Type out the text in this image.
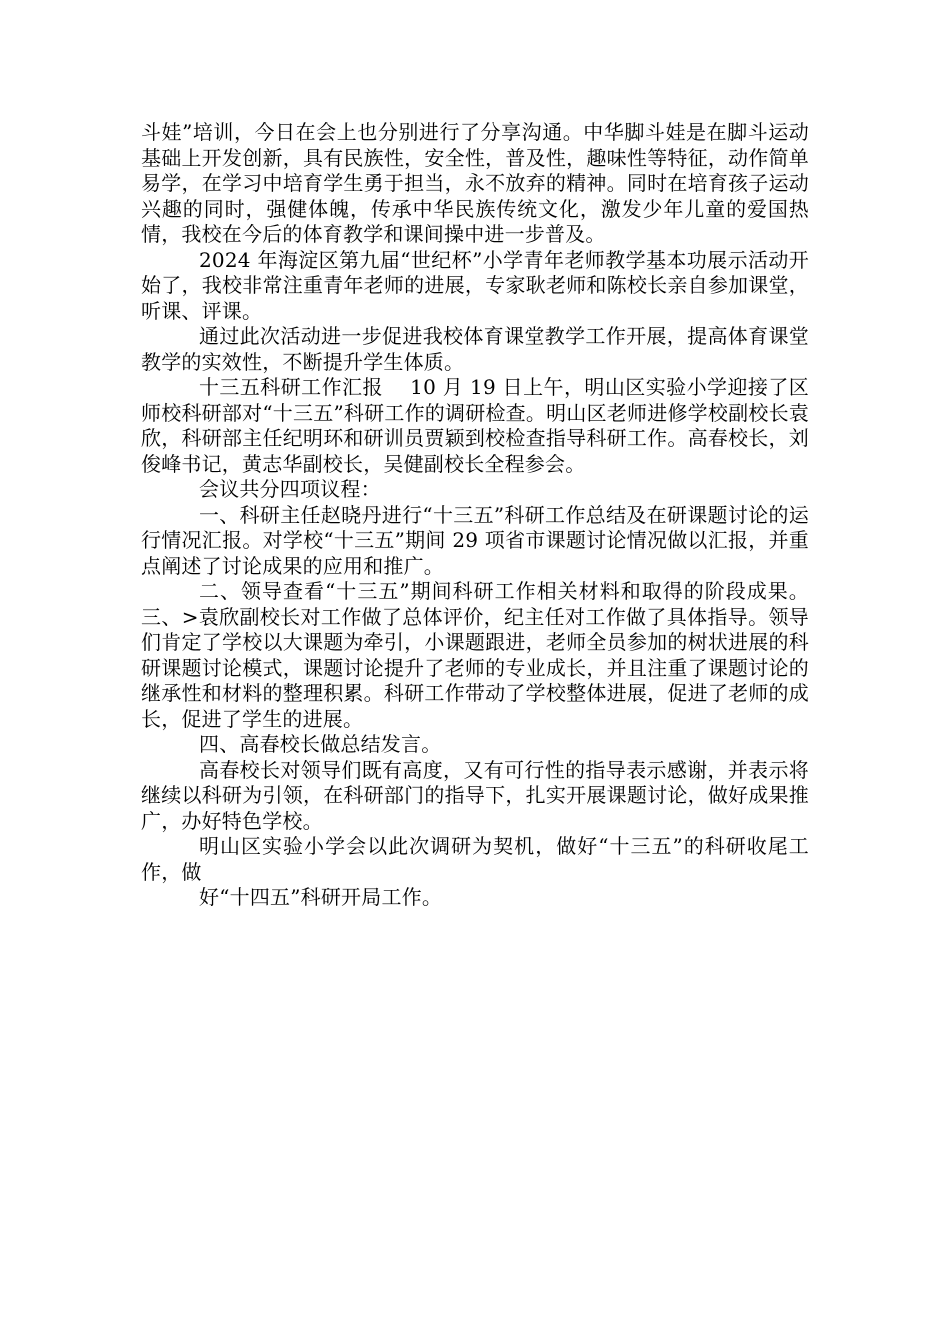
斗娃”培训，今日在会上也分别进行了分享沟通。中华脚斗娃是在脚斗运动基础上开发创新，具有民族性，安全性，普及性，趣味性等特征，动作简单易学，在学习中培育学生勇于担当，永不放弃的精神。同时在培育孩子运动兴趣的同时，强健体魄，传承中华民族传统文化，激发少年儿童的爱国热情，我校在今后的体育教学和课间操中进一步普及。

2024 年海淀区第九届“世纪杯”小学青年老师教学基本功展示活动开始了，我校非常注重青年老师的进展，专家耿老师和陈校长亲自参加课堂，听课、评课。

通过此次活动进一步促进我校体育课堂教学工作开展，提高体育课堂教学的实效性，不断提升学生体质。

十三五科研工作汇报　 10 月 19 日上午，明山区实验小学迎接了区师校科研部对“十三五”科研工作的调研检查。明山区老师进修学校副校长袁欣，科研部主任纪明环和研训员贾颖到校检查指导科研工作。高春校长，刘俊峰书记，黄志华副校长，吴健副校长全程参会。

会议共分四项议程：

一、科研主任赵晓丹进行“十三五”科研工作总结及在研课题讨论的运行情况汇报。对学校“十三五”期间 29 项省市课题讨论情况做以汇报，并重点阐述了讨论成果的应用和推广。

二、领导查看“十三五”期间科研工作相关材料和取得的阶段成果。三、>袁欣副校长对工作做了总体评价，纪主任对工作做了具体指导。领导们肯定了学校以大课题为牵引，小课题跟进，老师全员参加的树状进展的科研课题讨论模式，课题讨论提升了老师的专业成长，并且注重了课题讨论的继承性和材料的整理积累。科研工作带动了学校整体进展，促进了老师的成长，促进了学生的进展。

四、高春校长做总结发言。

高春校长对领导们既有高度，又有可行性的指导表示感谢，并表示将继续以科研为引领，在科研部门的指导下，扎实开展课题讨论，做好成果推广，办好特色学校。

明山区实验小学会以此次调研为契机，做好“十三五”的科研收尾工作，做

好“十四五”科研开局工作。
